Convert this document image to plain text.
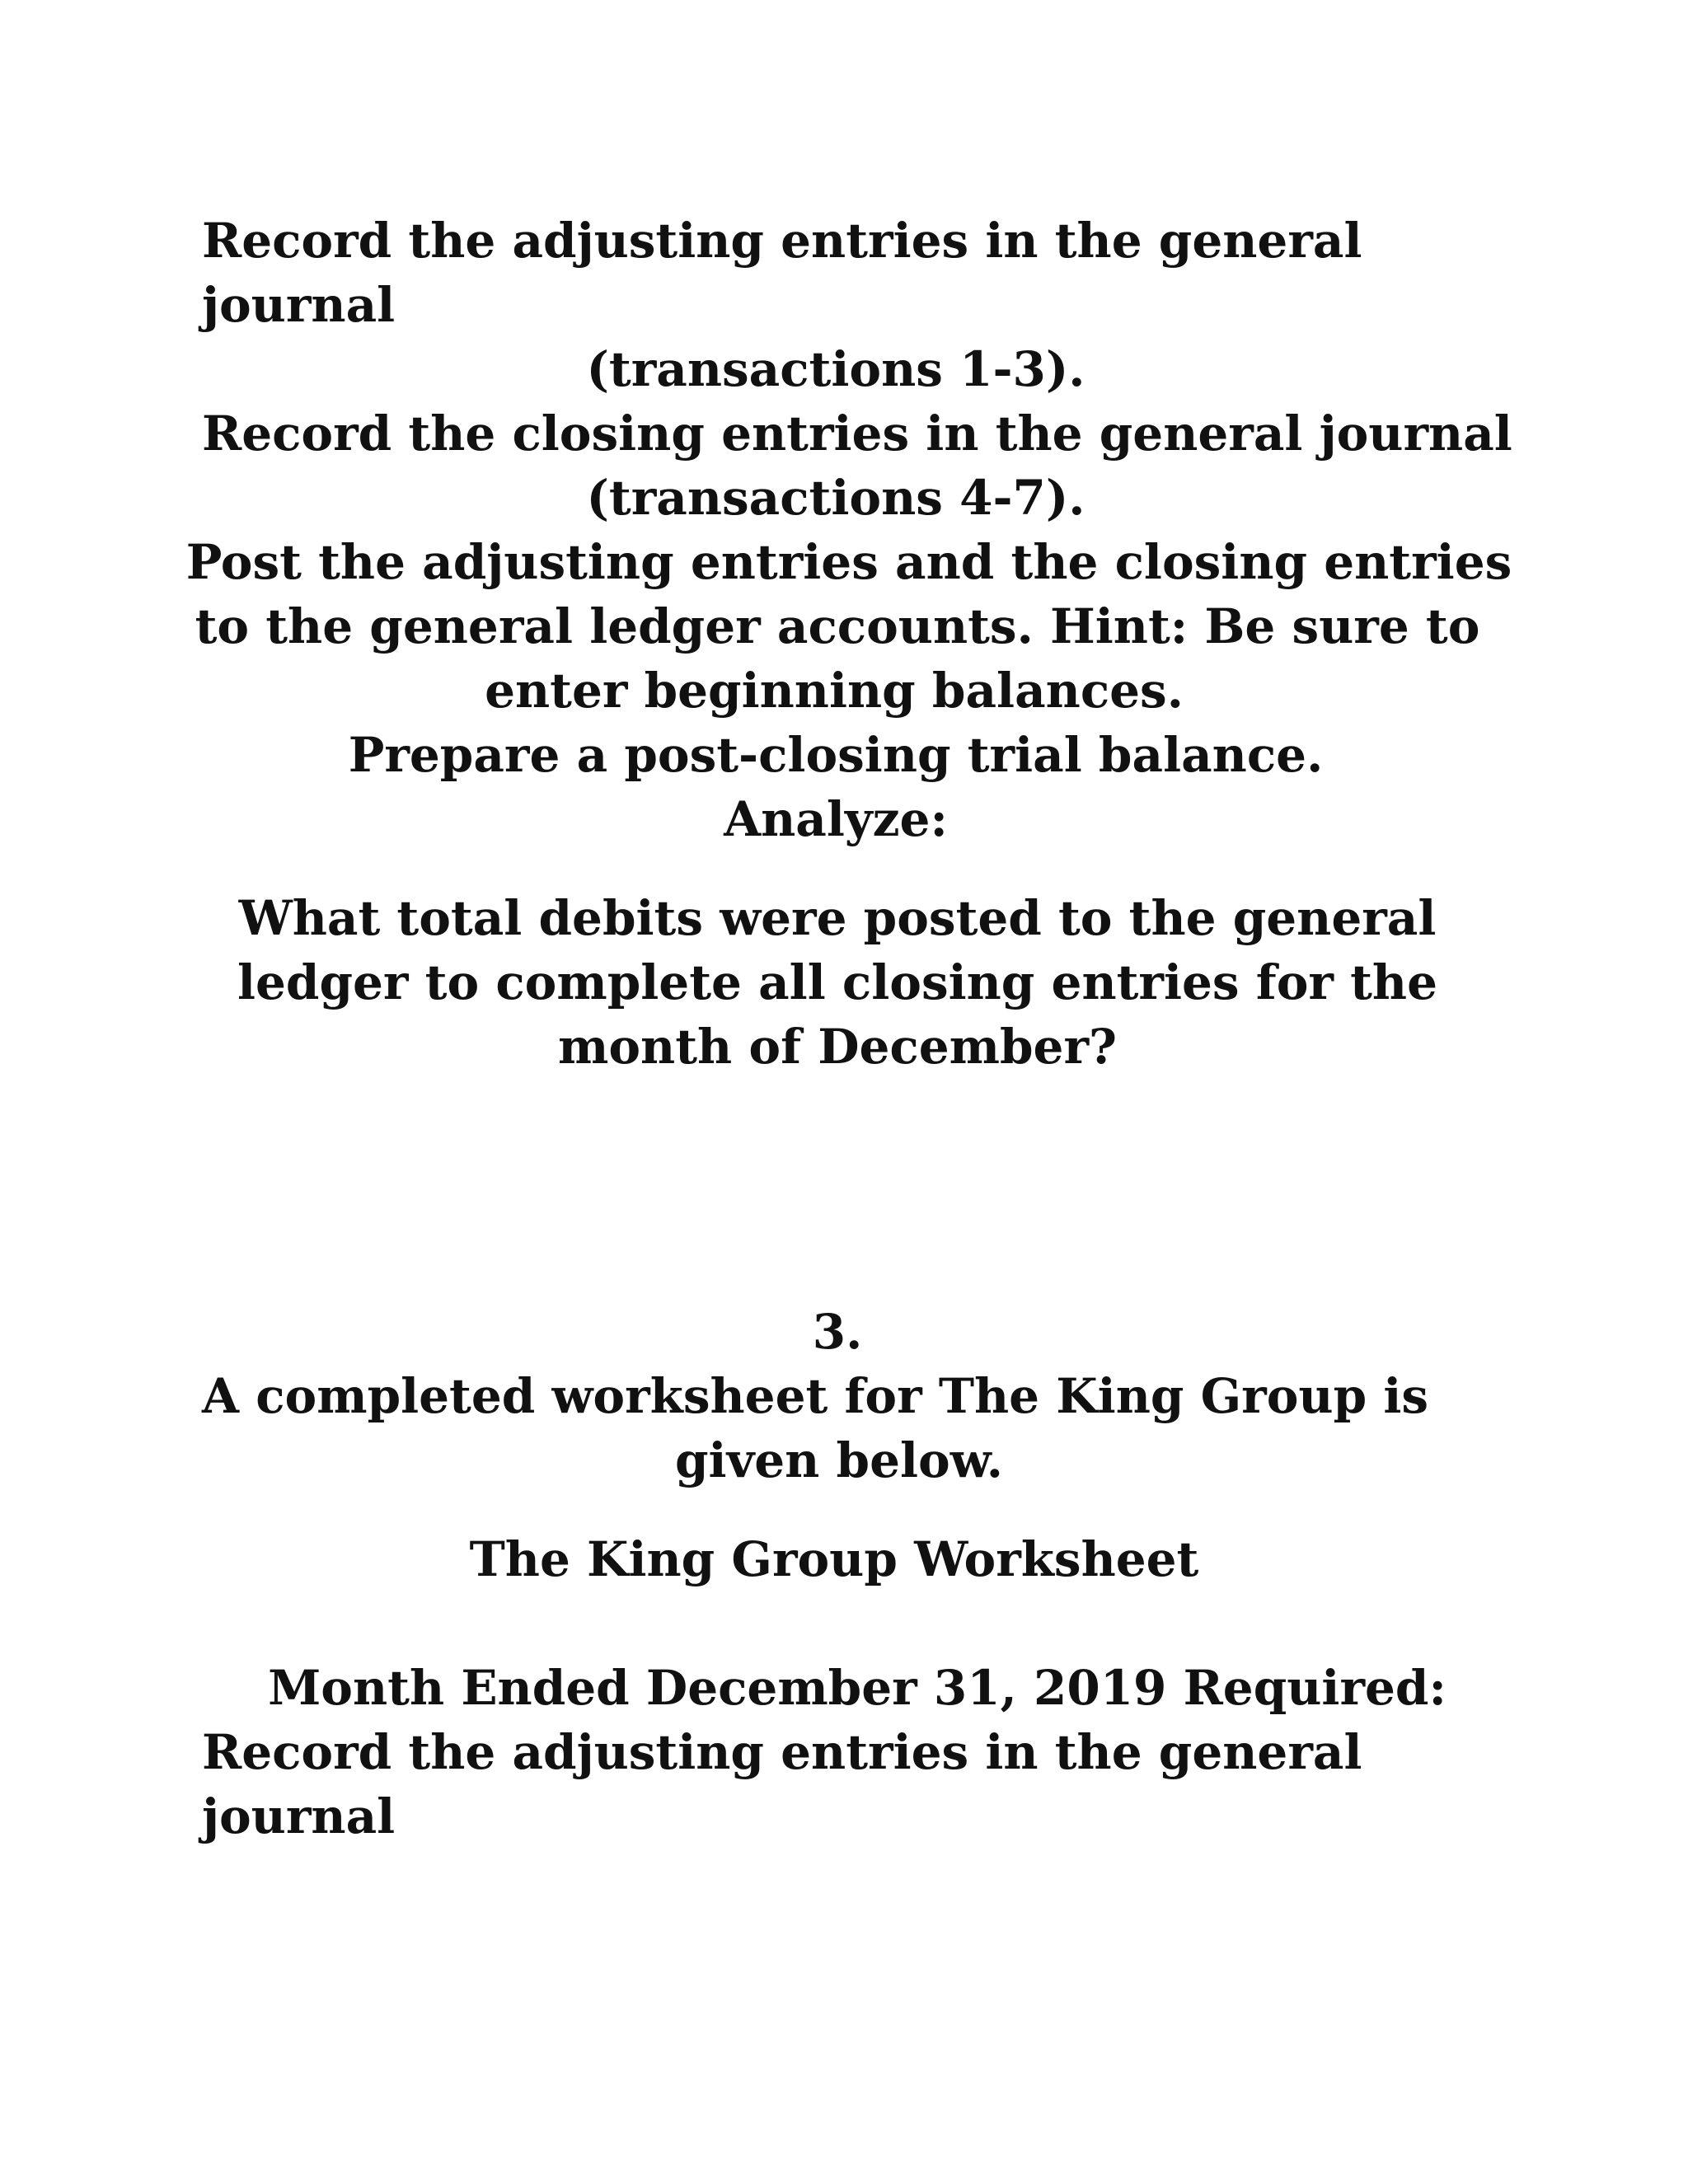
Record the adjusting entries in the general
journal
(transactions 1-3).
Record the closing entries in the general journal
(transactions 4-7).
Post the adjusting entries and the closing entries
to the general ledger accounts. Hint: Be sure to
enter beginning balances.
Prepare a post-closing trial balance.
Analyze:
What total debits were posted to the general
ledger to complete all closing entries for the
month of December?
3.
A completed worksheet for The King Group is
given below.
The King Group Worksheet
Month Ended December 31, 2019 Required:
Record the adjusting entries in the general
journal
